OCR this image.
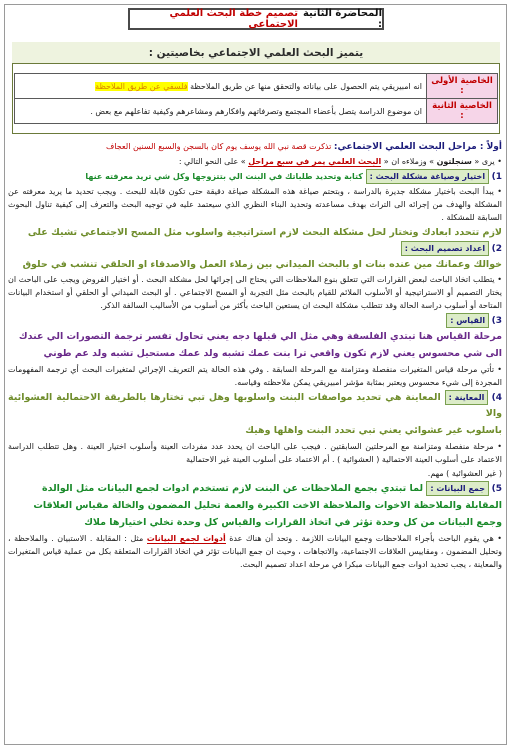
المحاضرة الثانية :
تصميم خطة البحث العلمي الاجتماعي
يتميز البحث العلمي الاجتماعي بخاصيتين :
الخاصية الأولى :	انه امبيريقي يتم الحصول على بياناته والتحقق منها عن طريق الملاحظة فلسفي عن طريق الملاحظة
الخاصية الثانية :	ان موضوع الدراسة يتصل بأعضاء المجتمع وتصرفاتهم وافكارهم ومشاعرهم وكيفية تفاعلهم مع بعض .

أولاً : مراحل البحث العلمي الاجتماعي: تذكرت قصة نبي الله يوسف يوم كان بالسجن والسبع السنين العجاف

• يرى « سنجلتون » وزملاءه ان « البحث العلمي يمر في سبع مراحل » على النحو التالي :

1) اختيار وصياغة مشكلة البحث : كتابة وتحديد طلباتك في البنت الي بتتزوجها وكل شي تريد معرفته عنها

• يبدأ البحث باختيار مشكلة جديرة بالدراسة ، وبتحتم صياغة هذه المشكلة صياغة دقيقة حتى تكون قابلة للبحث . ويجب تحديد ما يريد معرفته عن المشكلة والهدف من إجرائه الى التراث بهدف مساعدته وتحديد البناء النظري الذي سيعتمد عليه في توجيه البحث والتعرف إلى كيفية تناول البحوث السابقة للمشكلة .

لازم تتحدد ابعادك وتختار لحل مشكلة البحث لازم استراتيجية واسلوب مثل المسح الاجتماعي تشيك على

2) اعداد تصميم البحث :

خوالك وعمانك مين عنده بنات او بالبحث الميداني بين زملاء العمل والاصدقاء او الحلقي تنشب في حلوق

• يتطلب اتخاذ الباحث لبعض القرارات التي تتعلق بنوع الملاحظات التي يحتاج الى إجرائها لحل مشكلة البحث . أو اختيار الفروض ويجب على الباحث ان يختار التصميم أو الاستراتيجية أو الأسلوب الملائم للقيام بالبحث مثل التجربة أو المسح الاجتماعي . أو البحث الميداني أو الحلقي أو استخدام البيانات المتاحة أو أسلوب دراسة الحالة وقد تتطلب مشكلة البحث ان يستعين الباحث بأكثر من أسلوب من الأساليب السالفة الذكر.

3) القياس :

مرحلة القياس هنا تبتدي الفلسفة وهي مثل الي قبلها دجه يعني تحاول تفسر ترجمة التصورات الي عندك

الى شي محسوس يعني لازم تكون واقعي ترا بنت عمك تشبه ولد عمك مستحيل تشبه ولد عم طوني

• تأتي مرحلة قياس المتغيرات منفصلة ومتزامنة مع المرحلة السابقة . وفي هذه الحالة يتم التعريف الإجرائي لمتغيرات البحث أي ترجمة المفهومات المجردة إلى شيء محسوس ويعتبر بمثابة مؤشر امبيريقي يمكن ملاحظته وقياسه.

4) المعاينة : المعاينة هي تحديد مواصفات البنت واسلوبها وهل تبي تختارها بالطريقة الاحتمالية العشوائية والا

باسلوب غير عشوائي يعني تبي تحدد البنت واهلها وهيك

• مرحلة منفصلة ومتزامنة مع المرحلتين السابقتين . فيجب على الباحث ان يحدد عدد مفردات العينة وأسلوب اختيار العينة . وهل تتطلب الدراسة الاعتماد على أسلوب العينة الاحتمالية ( العشوائية ) . أم الاعتماد على أسلوب العينة غير الاحتمالية

( غير العشوائية ) مهم.

5) جمع البيانات : لما تبتدي بجمع الملاحظات عن البنت لازم تستخدم ادوات لجمع البيانات مثل الوالدة

المقابلة والملاحظة الاخوات والملاحظة الاخت الكبيرة والعمة تحليل المضمون والخالة مقياس العلاقات

وجمع البيانات من كل وحدة تؤثر في اتخاذ القرارات والقياس كل وحدة تخلي اختيارها ملاك

• هي يقوم الباحث بأجراء الملاحظات وجمع البيانات اللازمة . وتحد أن هناك عدة أدوات لجمع البيانات مثل : المقابلة . الاستبيان . والملاحظة ، وتحليل المضمون ، ومقاييس العلاقات الاجتماعية، والاتجاهات ، وحيث ان جمع البيانات تؤثر في اتخاذ القرارات المتعلقة بكل من عملية قياس المتغيرات والمعاينة ، يجب تحديد ادوات جمع البيانات مبكرا في مرحلة اعداد تصميم البحث.
